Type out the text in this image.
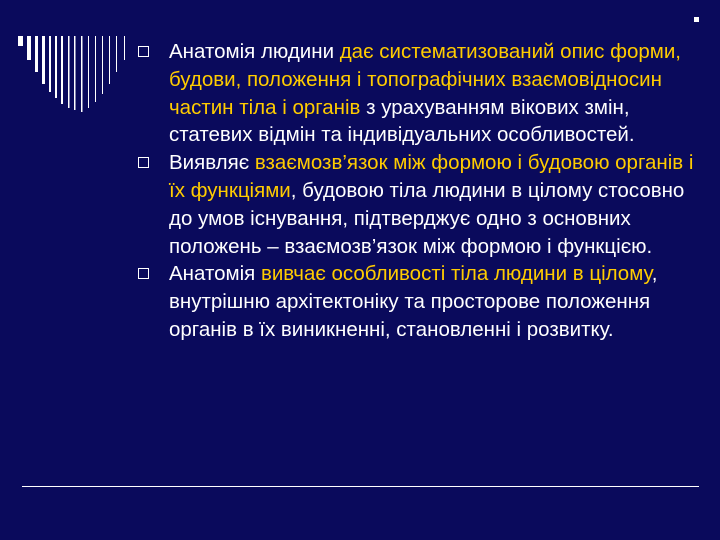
Анатомія людини дає систематизований опис форми, будови, положення і топографічних взаємовідносин частин тіла і органів з урахуванням вікових змін, статевих відмін та індивідуальних особливостей.

Виявляє взаємозв’язок між формою і будовою органів і їх функціями, будовою тіла людини в цілому стосовно до умов існування, підтверджує одно з основних положень – взаємозв’язок між формою і функцією.

Анатомія вивчає особливості тіла людини в цілому, внутрішню архітектоніку та просторове положення органів в їх виникненні, становленні і розвитку.
